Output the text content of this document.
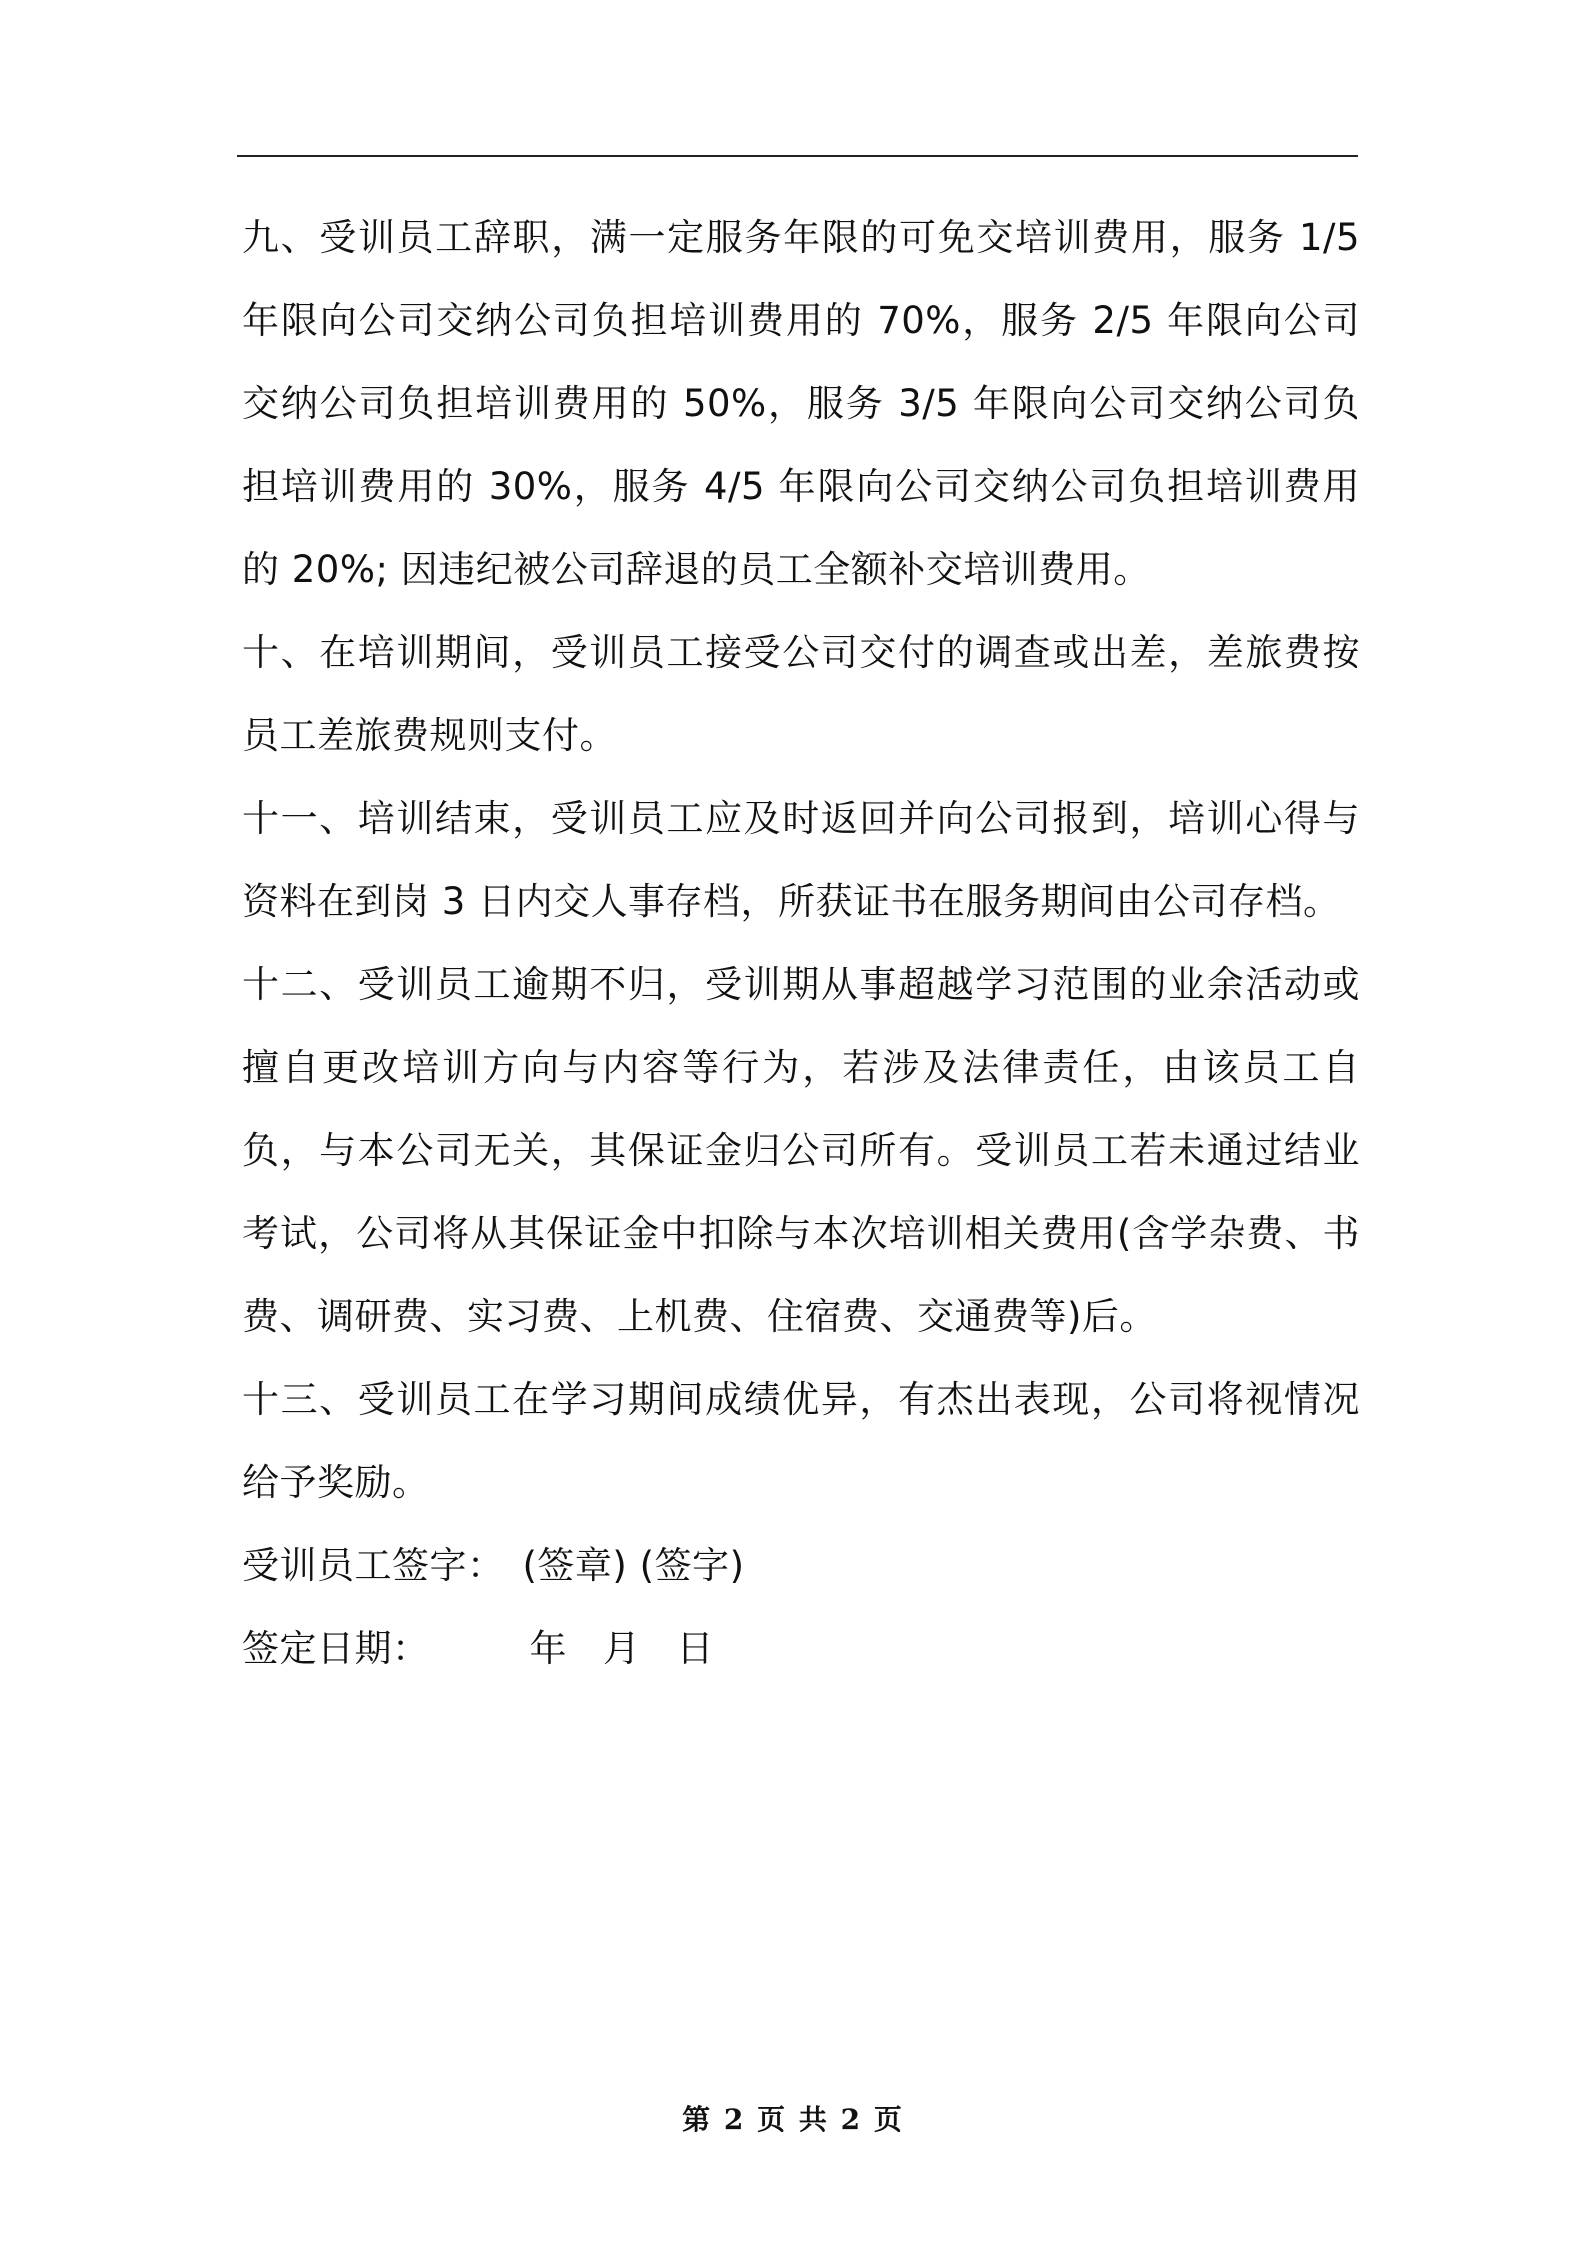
九、受训员工辞职，满一定服务年限的可免交培训费用，服务 1/5 年限向公司交纳公司负担培训费用的 70%，服务 2/5 年限向公司交纳公司负担培训费用的 50%，服务 3/5 年限向公司交纳公司负担培训费用的 30%，服务 4/5 年限向公司交纳公司负担培训费用的 20%; 因违纪被公司辞退的员工全额补交培训费用。

十、在培训期间，受训员工接受公司交付的调查或出差，差旅费按员工差旅费规则支付。

十一、培训结束，受训员工应及时返回并向公司报到，培训心得与资料在到岗 3 日内交人事存档，所获证书在服务期间由公司存档。

十二、受训员工逾期不归，受训期从事超越学习范围的业余活动或擅自更改培训方向与内容等行为，若涉及法律责任，由该员工自负，与本公司无关，其保证金归公司所有。受训员工若未通过结业考试，公司将从其保证金中扣除与本次培训相关费用(含学杂费、书费、调研费、实习费、上机费、住宿费、交通费等)后。

十三、受训员工在学习期间成绩优异，有杰出表现，公司将视情况给予奖励。

受训员工签字： (签章) (签字)
签定日期：	年 月 日
第 2 页 共 2 页
